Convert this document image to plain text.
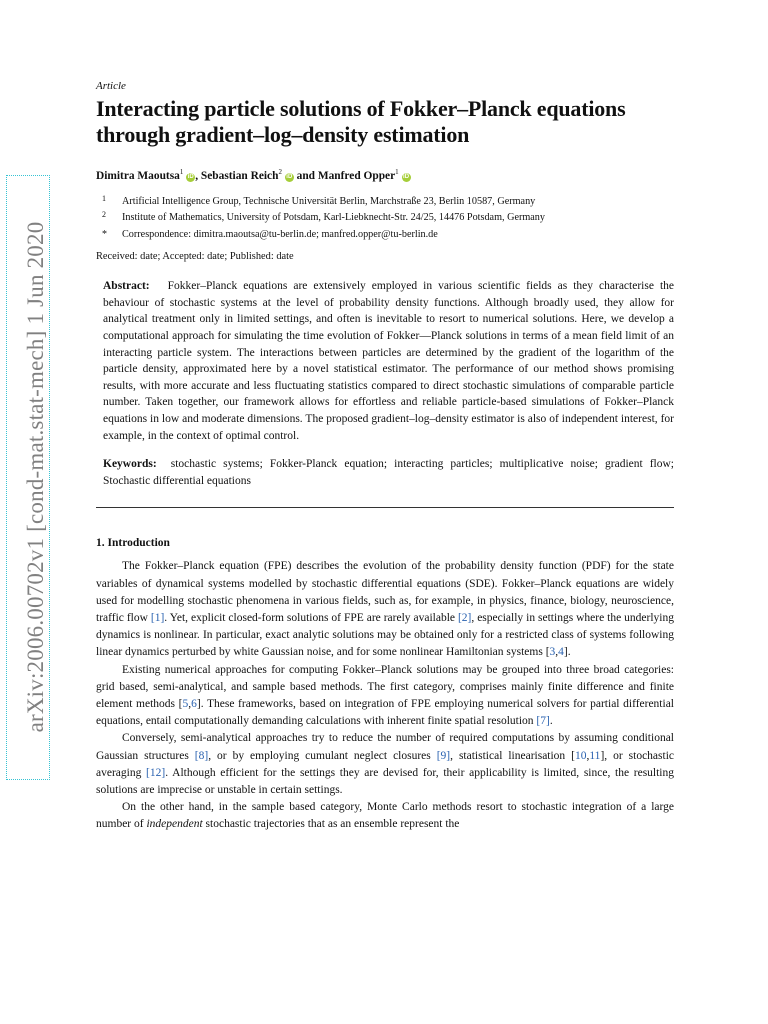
arXiv:2006.00702v1 [cond-mat.stat-mech] 1 Jun 2020
Article
Interacting particle solutions of Fokker–Planck equations through gradient–log–density estimation
Dimitra Maoutsa$^1$ iD , Sebastian Reich$^2$ iD and Manfred Opper$^1$ iD
1 Artificial Intelligence Group, Technische Universität Berlin, Marchstraße 23, Berlin 10587, Germany
2 Institute of Mathematics, University of Potsdam, Karl-Liebknecht-Str. 24/25, 14476 Potsdam, Germany
* Correspondence: dimitra.maoutsa@tu-berlin.de; manfred.opper@tu-berlin.de
Received: date; Accepted: date; Published: date
Abstract: Fokker–Planck equations are extensively employed in various scientific fields as they characterise the behaviour of stochastic systems at the level of probability density functions. Although broadly used, they allow for analytical treatment only in limited settings, and often is inevitable to resort to numerical solutions. Here, we develop a computational approach for simulating the time evolution of Fokker—Planck solutions in terms of a mean field limit of an interacting particle system. The interactions between particles are determined by the gradient of the logarithm of the particle density, approximated here by a novel statistical estimator. The performance of our method shows promising results, with more accurate and less fluctuating statistics compared to direct stochastic simulations of comparable particle number. Taken together, our framework allows for effortless and reliable particle-based simulations of Fokker–Planck equations in low and moderate dimensions. The proposed gradient–log–density estimator is also of independent interest, for example, in the context of optimal control.
Keywords: stochastic systems; Fokker-Planck equation; interacting particles; multiplicative noise; gradient flow; Stochastic differential equations
1. Introduction

The Fokker–Planck equation (FPE) describes the evolution of the probability density function (PDF) for the state variables of dynamical systems modelled by stochastic differential equations (SDE). Fokker–Planck equations are widely used for modelling stochastic phenomena in various fields, such as, for example, in physics, finance, biology, neuroscience, traffic flow [1]. Yet, explicit closed-form solutions of FPE are rarely available [2], especially in settings where the underlying dynamics is nonlinear. In particular, exact analytic solutions may be obtained only for a restricted class of systems following linear dynamics perturbed by white Gaussian noise, and for some nonlinear Hamiltonian systems [3,4].

Existing numerical approaches for computing Fokker–Planck solutions may be grouped into three broad categories: grid based, semi-analytical, and sample based methods. The first category, comprises mainly finite difference and finite element methods [5,6]. These frameworks, based on integration of FPE employing numerical solvers for partial differential equations, entail computationally demanding calculations with inherent finite spatial resolution [7].

Conversely, semi-analytical approaches try to reduce the number of required computations by assuming conditional Gaussian structures [8], or by employing cumulant neglect closures [9], statistical linearisation [10,11], or stochastic averaging [12]. Although efficient for the settings they are devised for, their applicability is limited, since, the resulting solutions are imprecise or unstable in certain settings.

On the other hand, in the sample based category, Monte Carlo methods resort to stochastic integration of a large number of independent stochastic trajectories that as an ensemble represent the
